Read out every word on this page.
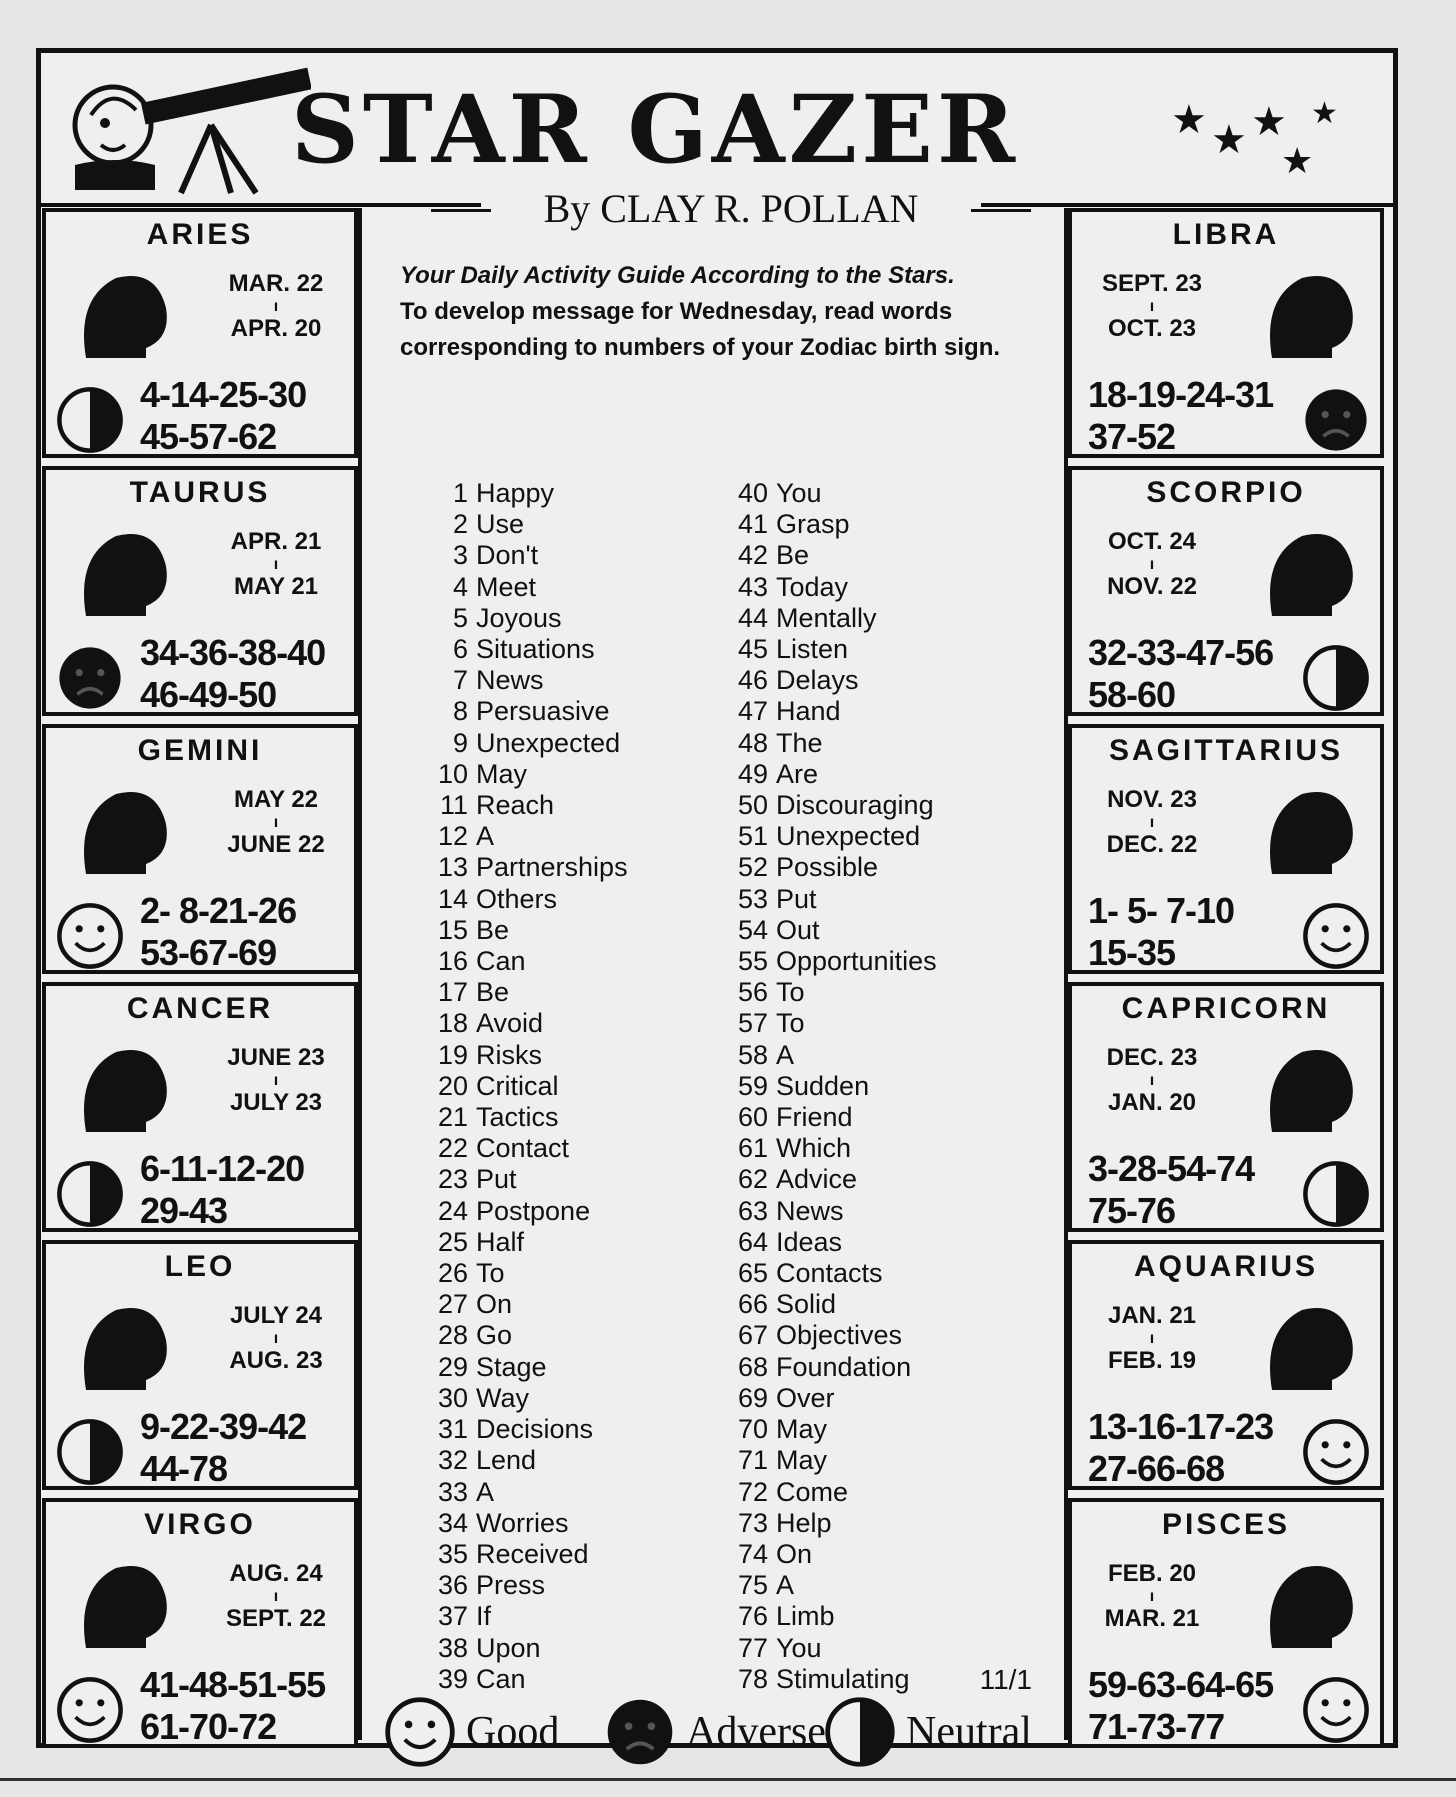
STAR GAZER	★ ★ ★
★
★
By CLAY R. POLLAN
ARIES
MAR. 22
ı
APR. 20
4-14-25-30
45-57-62
TAURUS
APR. 21
ı
MAY 21
34-36-38-40
46-49-50
GEMINI
MAY 22
ı
JUNE 22
2- 8-21-26
53-67-69
CANCER
JUNE 23
ı
JULY 23
6-11-12-20
29-43
LEO
JULY 24
ı
AUG. 23
9-22-39-42
44-78
VIRGO
AUG. 24
ı
SEPT. 22
41-48-51-55
61-70-72
Your Daily Activity Guide According to the Stars.
To develop message for Wednesday, read words corresponding to numbers of your Zodiac birth sign.
1 Happy
2 Use
3 Don't
4 Meet
5 Joyous
6 Situations
7 News
8 Persuasive
9 Unexpected
10 May
11 Reach
12 A
13 Partnerships
14 Others
15 Be
16 Can
17 Be
18 Avoid
19 Risks
20 Critical
21 Tactics
22 Contact
23 Put
24 Postpone
25 Half
26 To
27 On
28 Go
29 Stage
30 Way
31 Decisions
32 Lend
33 A
34 Worries
35 Received
36 Press
37 If
38 Upon
39 Can
40 You
41 Grasp
42 Be
43 Today
44 Mentally
45 Listen
46 Delays
47 Hand
48 The
49 Are
50 Discouraging
51 Unexpected
52 Possible
53 Put
54 Out
55 Opportunities
56 To
57 To
58 A
59 Sudden
60 Friend
61 Which
62 Advice
63 News
64 Ideas
65 Contacts
66 Solid
67 Objectives
68 Foundation
69 Over
70 May
71 May
72 Come
73 Help
74 On
75 A
76 Limb
77 You
78 Stimulating	11/1
Good	Adverse Neutral
LIBRA
SEPT. 23
ı
OCT. 23
18-19-24-31
37-52
SCORPIO
OCT. 24
ı
NOV. 22
32-33-47-56
58-60
SAGITTARIUS
NOV. 23
ı
DEC. 22
1- 5- 7-10
15-35
CAPRICORN
DEC. 23
ı
JAN. 20
3-28-54-74
75-76
AQUARIUS
JAN. 21
ı
FEB. 19
13-16-17-23
27-66-68
PISCES
FEB. 20
ı
MAR. 21
59-63-64-65
71-73-77
